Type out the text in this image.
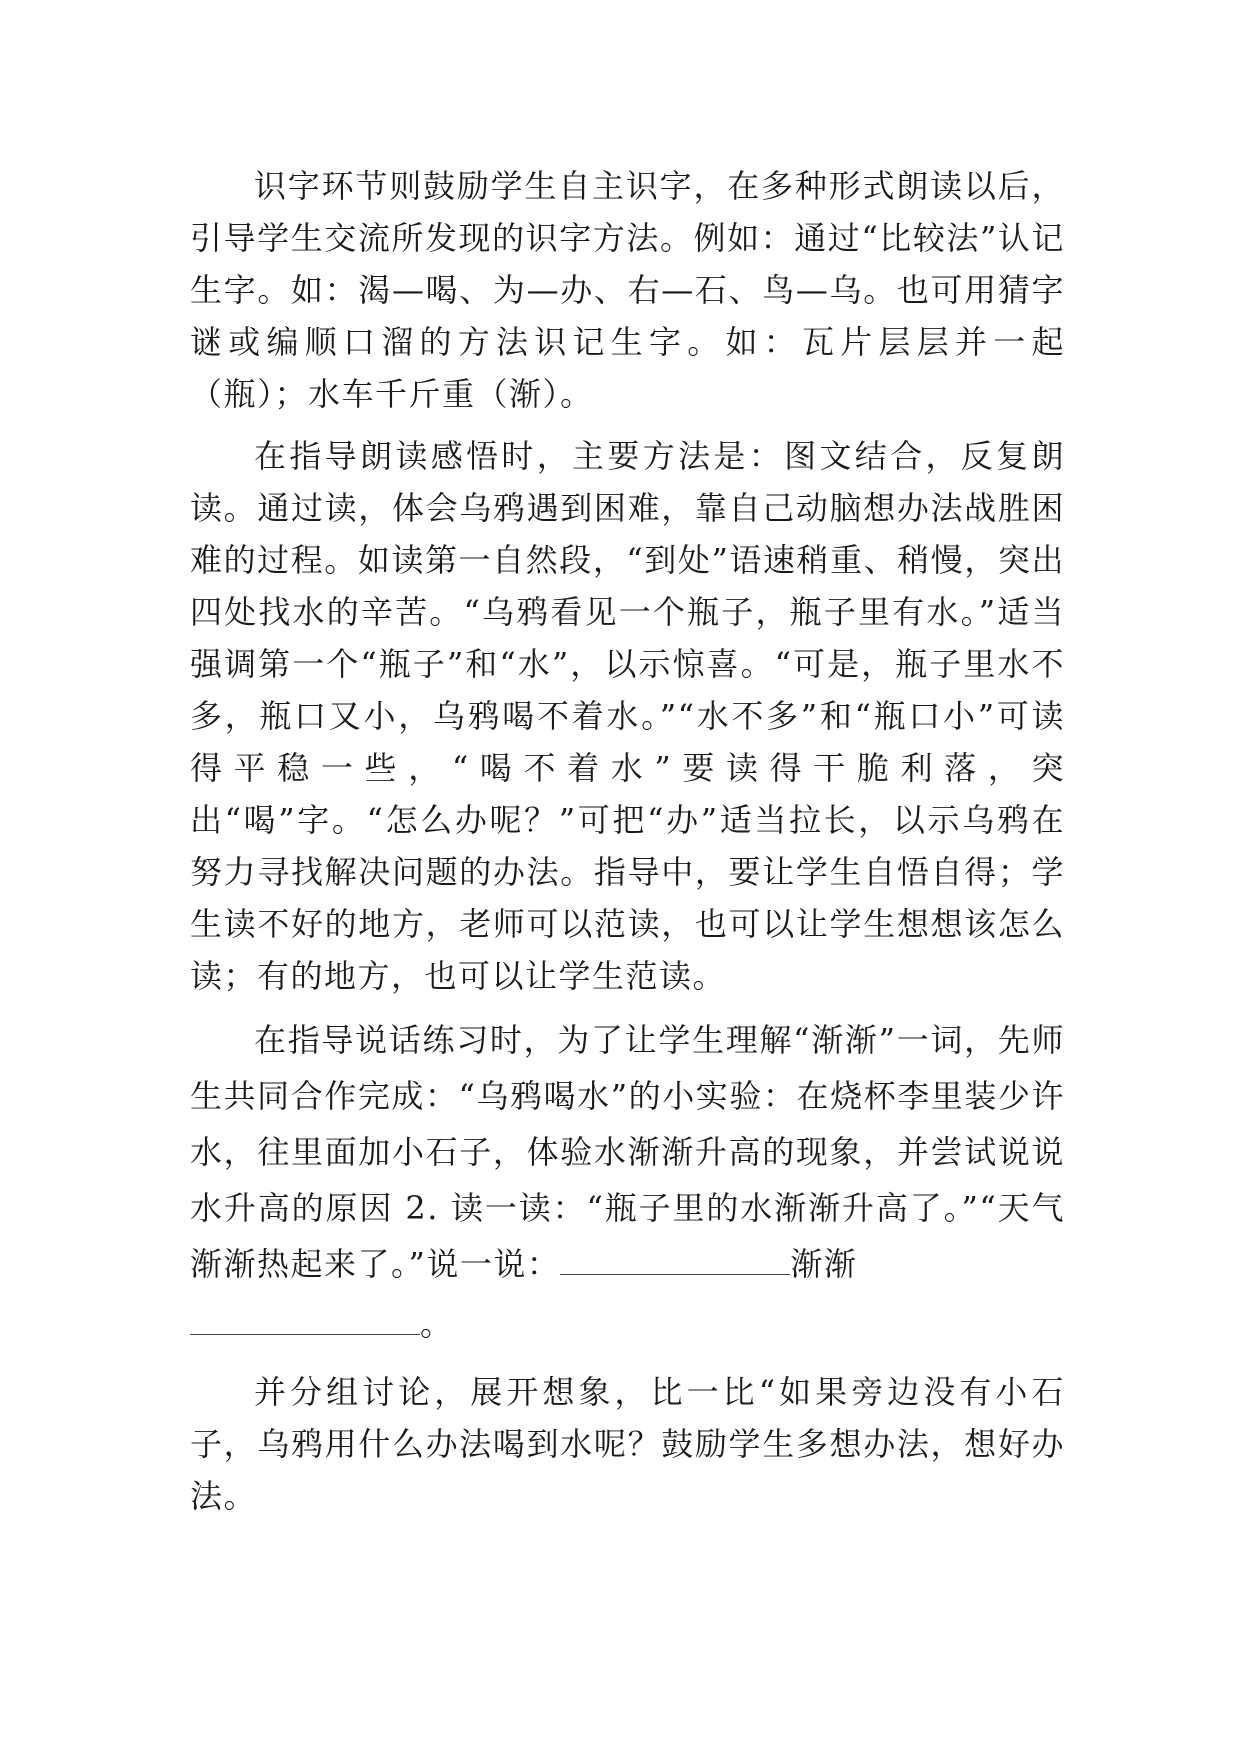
识字环节则鼓励学生自主识字，在多种形式朗读以后，引导学生交流所发现的识字方法。例如：通过“比较法”认记生字。如：渴—喝、为—办、右—石、鸟—乌。也可用猜字谜或编顺口溜的方法识记生字。如：瓦片层层并一起（瓶）；水车千斤重（渐）。

在指导朗读感悟时，主要方法是：图文结合，反复朗读。通过读，体会乌鸦遇到困难，靠自己动脑想办法战胜困难的过程。如读第一自然段，“到处”语速稍重、稍慢，突出四处找水的辛苦。“乌鸦看见一个瓶子，瓶子里有水。”适当强调第一个“瓶子”和“水”，以示惊喜。“可是，瓶子里水不多，瓶口又小，乌鸦喝不着水。”“水不多”和“瓶口小”可读得平稳一些，“喝不着水”要读得干脆利落，突出“喝”字。“怎么办呢？”可把“办”适当拉长，以示乌鸦在努力寻找解决问题的办法。指导中，要让学生自悟自得；学生读不好的地方，老师可以范读，也可以让学生想想该怎么读；有的地方，也可以让学生范读。

在指导说话练习时，为了让学生理解“渐渐”一词，先师生共同合作完成：“乌鸦喝水”的小实验：在烧杯李里装少许水，往里面加小石子，体验水渐渐升高的现象，并尝试说说水升高的原因 2. 读一读：“瓶子里的水渐渐升高了。”“天气渐渐热起来了。”说一说：	渐渐

。

并分组讨论，展开想象，比一比“如果旁边没有小石子，乌鸦用什么办法喝到水呢？鼓励学生多想办法，想好办法。
